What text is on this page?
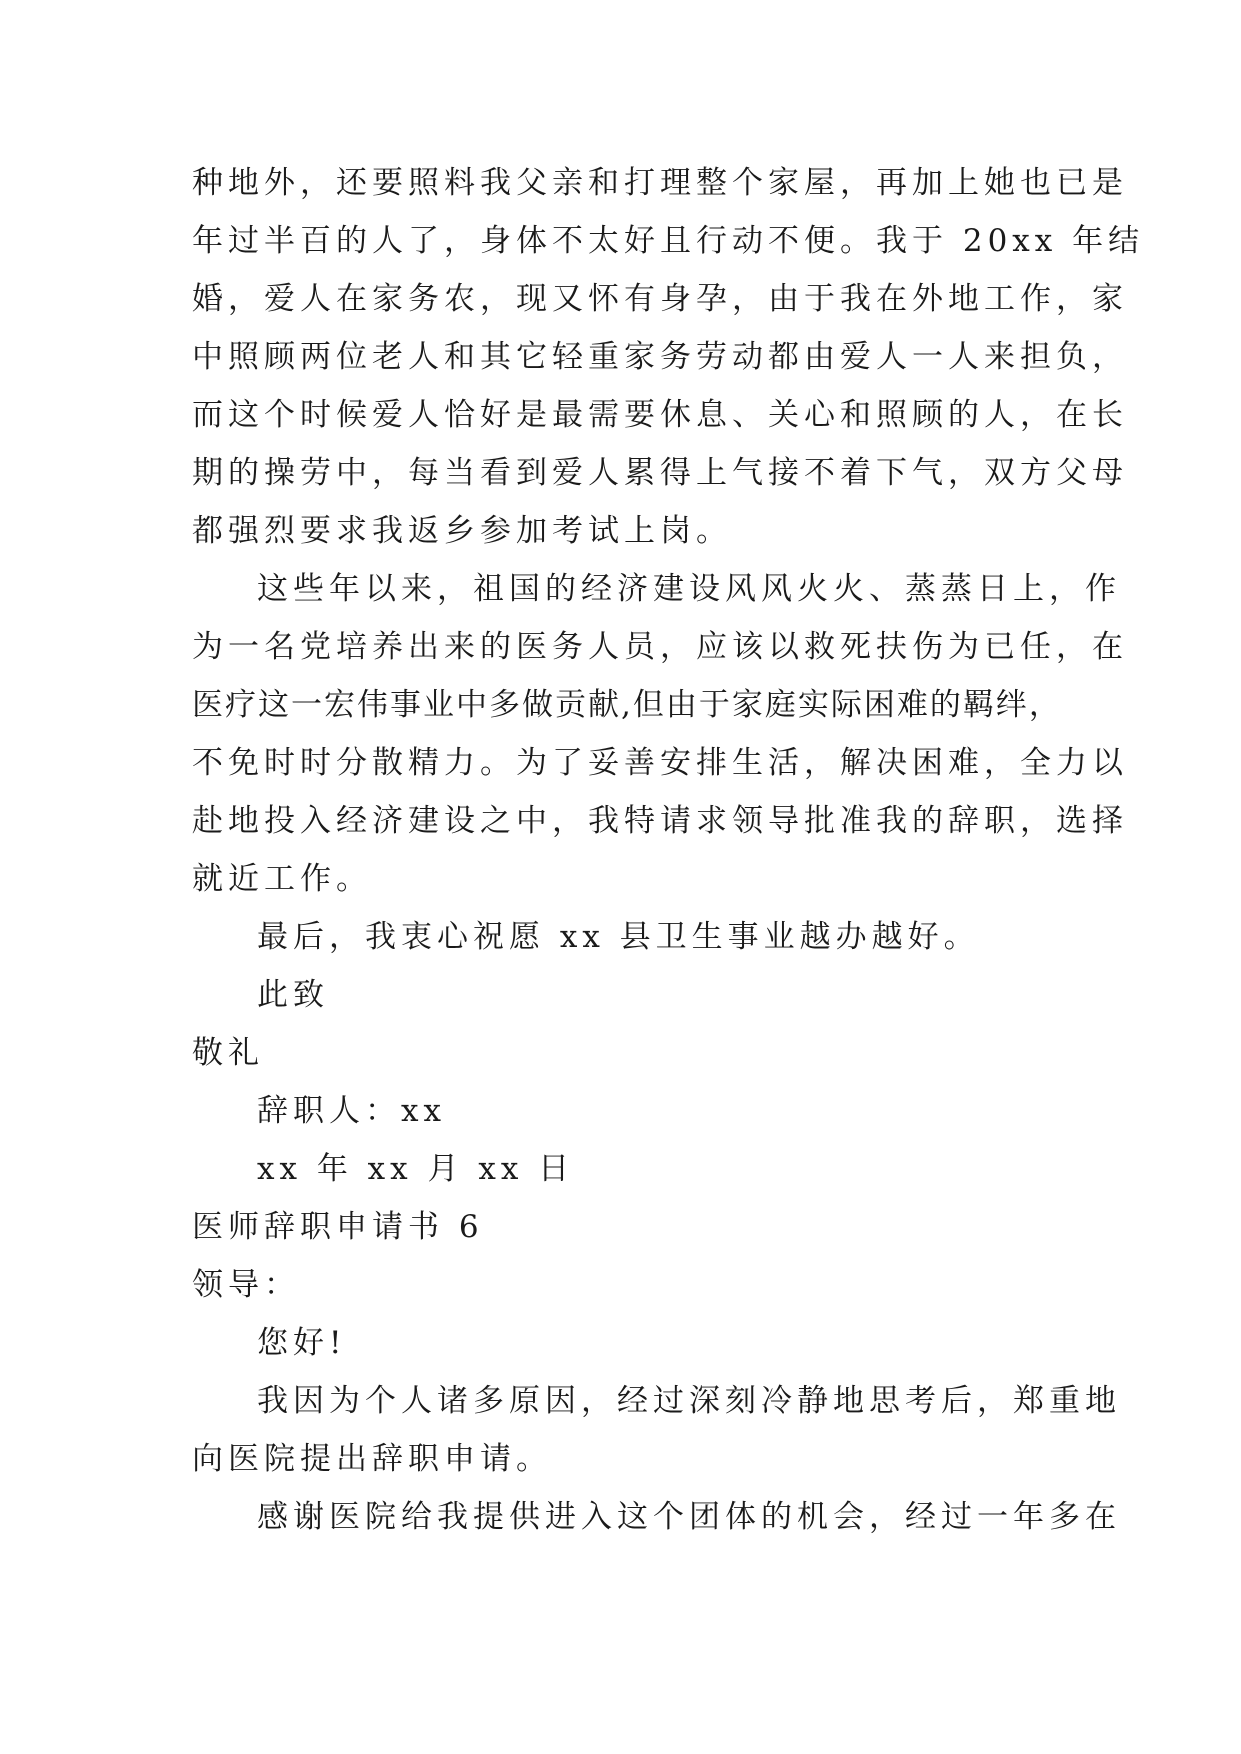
种地外，还要照料我父亲和打理整个家屋，再加上她也已是
年过半百的人了，身体不太好且行动不便。我于 20xx 年结
婚，爱人在家务农，现又怀有身孕，由于我在外地工作，家
中照顾两位老人和其它轻重家务劳动都由爱人一人来担负，
而这个时候爱人恰好是最需要休息、关心和照顾的人，在长
期的操劳中，每当看到爱人累得上气接不着下气，双方父母
都强烈要求我返乡参加考试上岗。
这些年以来，祖国的经济建设风风火火、蒸蒸日上，作
为一名党培养出来的医务人员，应该以救死扶伤为已任，在
医疗这一宏伟事业中多做贡献,但由于家庭实际困难的羁绊，
不免时时分散精力。为了妥善安排生活，解决困难，全力以
赴地投入经济建设之中，我特请求领导批准我的辞职，选择
就近工作。
最后，我衷心祝愿 xx 县卫生事业越办越好。
此致
敬礼
辞职人：xx
xx 年 xx 月 xx 日
医师辞职申请书 6
领导：
您好!
我因为个人诸多原因，经过深刻冷静地思考后，郑重地
向医院提出辞职申请。
感谢医院给我提供进入这个团体的机会，经过一年多在
